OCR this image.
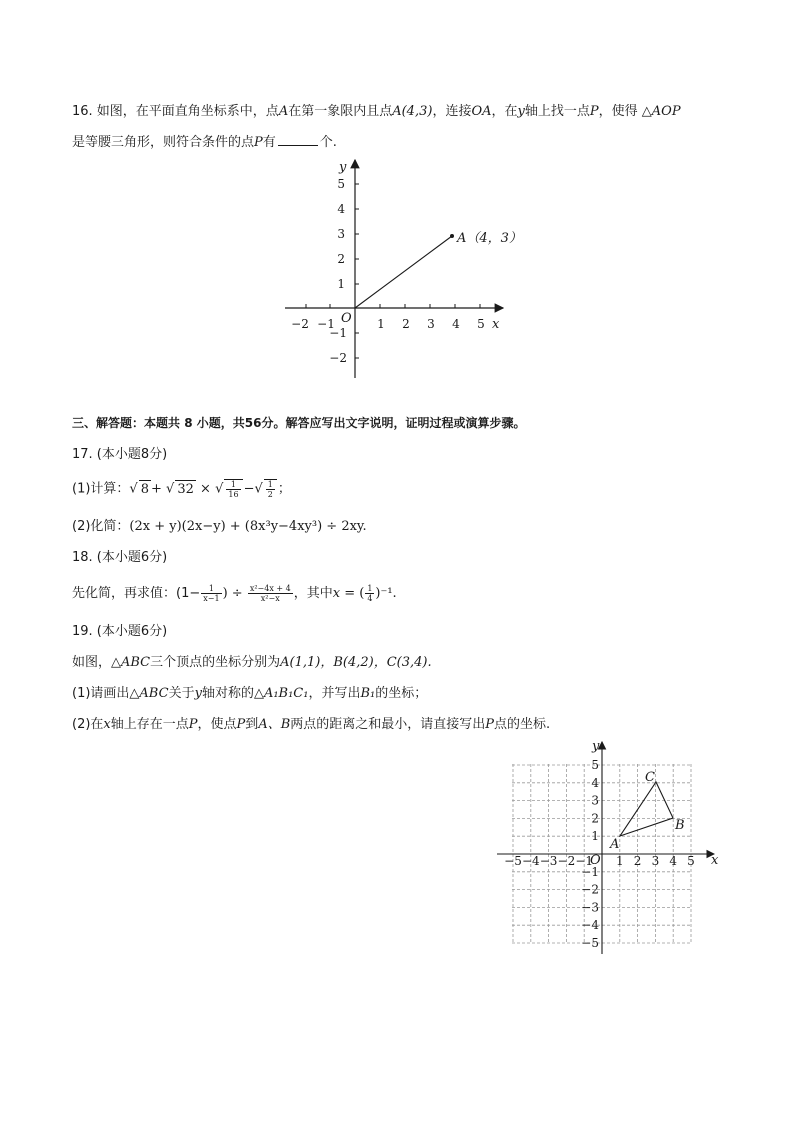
16. 如图，在平面直角坐标系中，点A在第一象限内且点A(4,3)，连接OA，在y轴上找一点P，使得 △AOP
是等腰三角形，则符合条件的点P有	个.
A（4，3）
x
y
O
−2 −1	1 2 3 4 5
5
4
3
2
1
−1
−2
三、解答题：本题共 8 小题，共56分。解答应写出文字说明，证明过程或演算步骤。
17. (本小题8分)
(1)计算：√ 8 + √ 32 × √ $\frac{1}{16}$ −√ $\frac{1}{2}$ ；
(2)化简：(2x + y)(2x−y) + (8x³y−4xy³) ÷ 2xy.
18. (本小题6分)
先化简，再求值：($1- \frac{1}{x-1}$ ) ÷ $\frac{\text{x²−4x + 4}}{\text{x²−x}}$ ，其中x = ( $\frac{1}{4} )^{-1}$.
19. (本小题6分)
如图，△ABC三个顶点的坐标分别为A(1,1)，B(4,2)，C(3,4).
(1)请画出△ABC关于y轴对称的△A₁B₁C₁，并写出B₁的坐标；
(2)在x轴上存在一点P，使点P到A、B两点的距离之和最小，请直接写出P点的坐标.
−5 −4 −3 −2 −1 1 2 3 4 5
5
4
3
2
1
−1
−2
−3
−4
−5
A
B
C
x
y
O
